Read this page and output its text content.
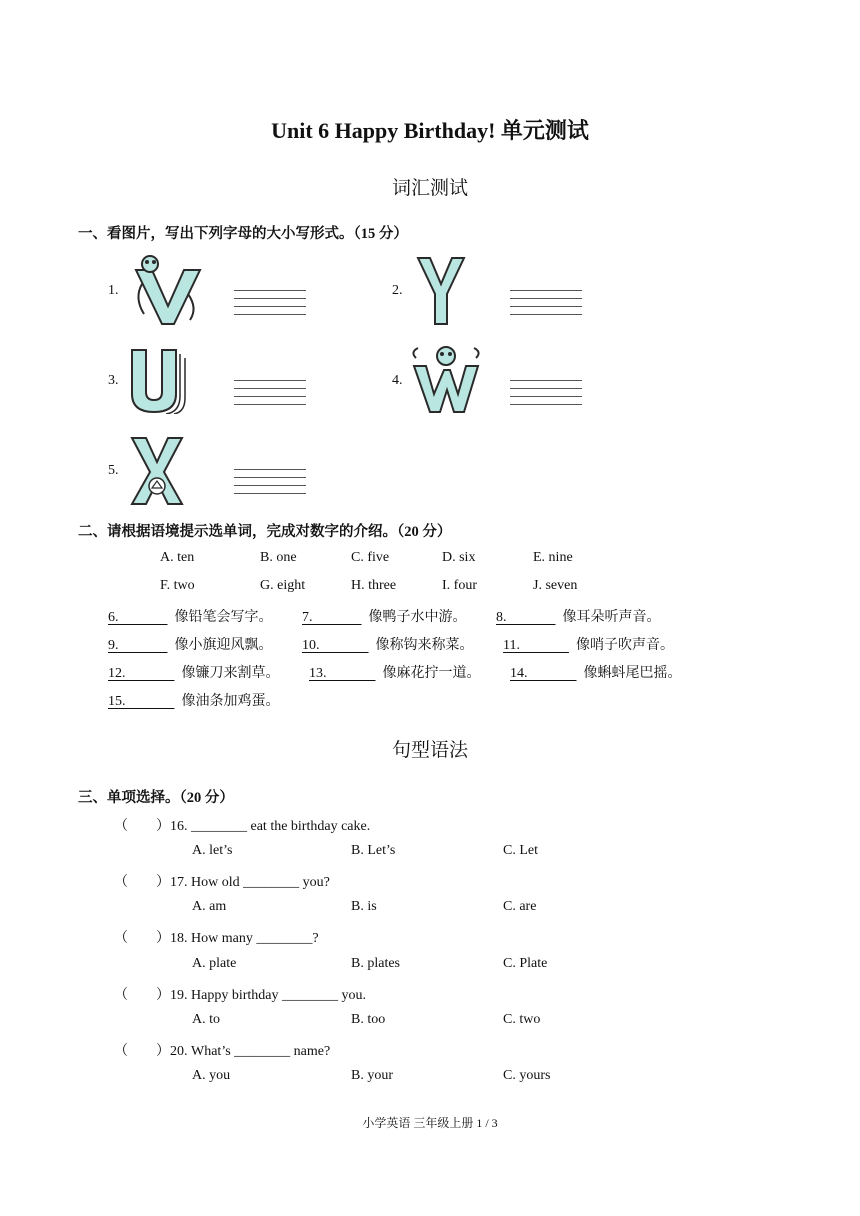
Unit 6 Happy Birthday! 单元测试
词汇测试
一、看图片，写出下列字母的大小写形式。（15 分）
1.	2.
3.	4.
5.
二、请根据语境提示选单词，完成对数字的介绍。（20 分）
A. ten	B. one	C. five	D. six	E. nine
F. two	G. eight	H. three	I. four	J. seven
6.	像铅笔会写字。 7.	像鸭子水中游。 8.	像耳朵听声音。
9.	像小旗迎风飘。 10.	像称钩来称菜。 11.	像哨子吹声音。
12.	像镰刀来割草。 13.	像麻花拧一道。 14.	像蝌蚪尾巴摇。
15.	像油条加鸡蛋。
句型语法
三、单项选择。（20 分）
（　　）16. ________ eat the birthday cake.
A. let’s	B. Let’s	C. Let
（　　）17. How old ________ you?
A. am	B. is	C. are
（　　）18. How many ________?
A. plate	B. plates	C. Plate
（　　）19. Happy birthday ________ you.
A. to	B. too	C. two
（　　）20. What’s ________ name?
A. you	B. your	C. yours
小学英语 三年级上册 1 / 3
